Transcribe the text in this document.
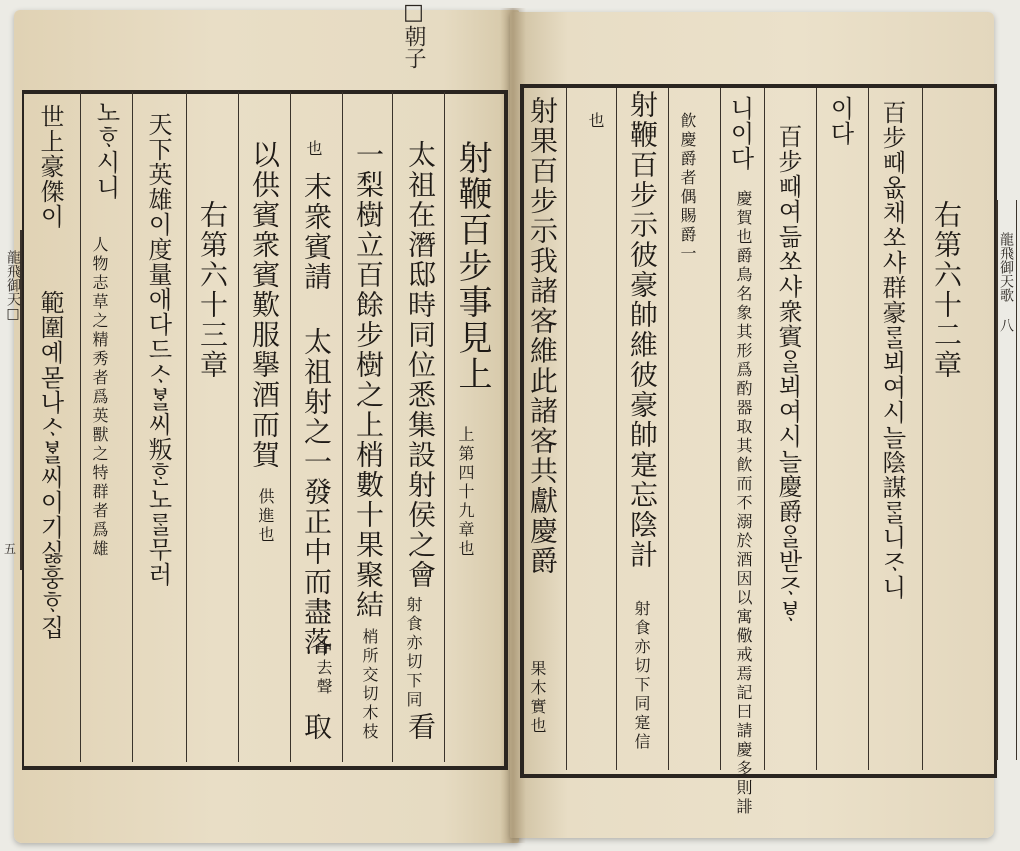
□朝子
龍飛御天□
五
射鞭百步事見上
上第四十九章也
太祖在潛邸時同位悉集設射侯之會
射食亦切下同
看
一梨樹立百餘步樹之上梢數十果聚結
梢所交切木枝
也
中去聲
末衆賓請 太祖射之一發正中而盡落
取
以供賓衆賓歎服擧酒而賀
供進也
右第六十三章
天下英雄이度量애다드ᄉᆞᄫᆞᆯ씨叛ᄒᆞᆫ노ᄅᆞᆯ무러
노ᄒᆞ시니
人物志草之精秀者爲英獸之特群者爲雄
世上豪傑이
範圍예몯나ᄉᆞᄫᆞᆯ씨이기싫훙ᄒᆞ집
龍飛御天歌 八
右第六十二章
百步ᄠᅢ옶채쏘샤群豪ᄅᆞᆯ뵈여시늘陰謀ᄅᆞᆯ니ᄌᆞ니
이다
百步ᄠᅢ여듦쏘샤衆賓ᄋᆞᆯ뵈여시늘慶爵ᄋᆞᆯ받ᄌᆞᄫᆞ
니이다
慶賀也爵鳥名象其形爲酌器取其飮而不溺於酒因以寓儆戒焉記曰請慶多則誹
飮慶爵者偶賜爵一
射鞭百步示彼豪帥維彼豪帥寔忘陰計
射食亦切下同寔信
也
射果百步示我諸客維此諸客共獻慶爵
果木實也
